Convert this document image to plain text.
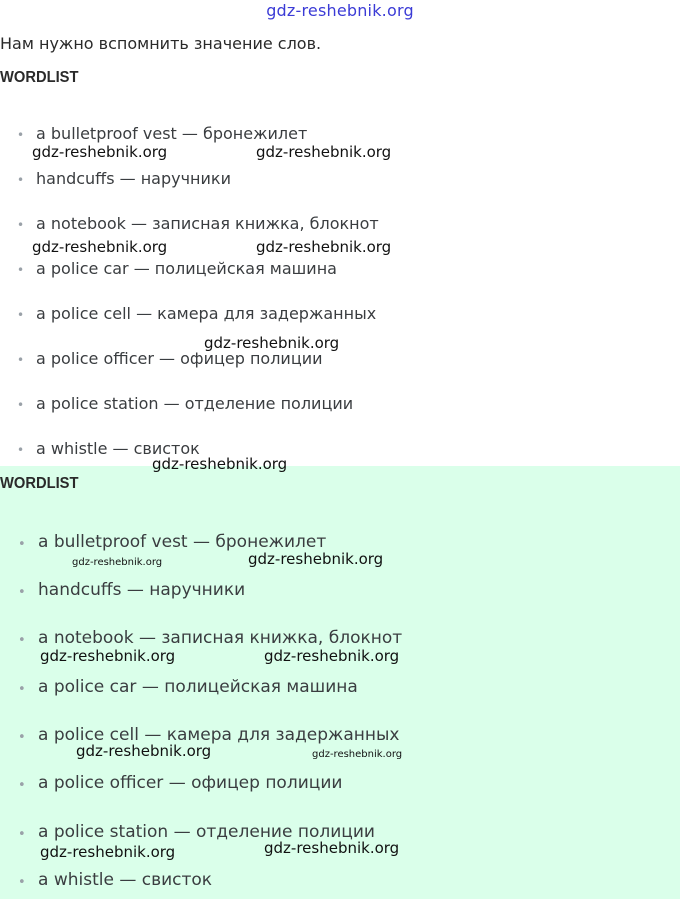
gdz-reshebnik.org
Нам нужно вспомнить значение слов.
WORDLIST
• a bulletproof vest — бронежилет
• handcuffs — наручники
• a notebook — записная книжка, блокнот
• a police car — полицейская машина
• a police cell — камера для задержанных
• a police officer — офицер полиции
• a police station — отделение полиции
• a whistle — свисток
WORDLIST
• a bulletproof vest — бронежилет
• handcuffs — наручники
• a notebook — записная книжка, блокнот
• a police car — полицейская машина
• a police cell — камера для задержанных
• a police officer — офицер полиции
• a police station — отделение полиции
• a whistle — свисток
gdz-reshebnik.org	gdz-reshebnik.org
gdz-reshebnik.org	gdz-reshebnik.org
gdz-reshebnik.org
gdz-reshebnik.org
gdz-reshebnik.org	gdz-reshebnik.org
gdz-reshebnik.org	gdz-reshebnik.org
gdz-reshebnik.org	gdz-reshebnik.org
gdz-reshebnik.org	gdz-reshebnik.org
